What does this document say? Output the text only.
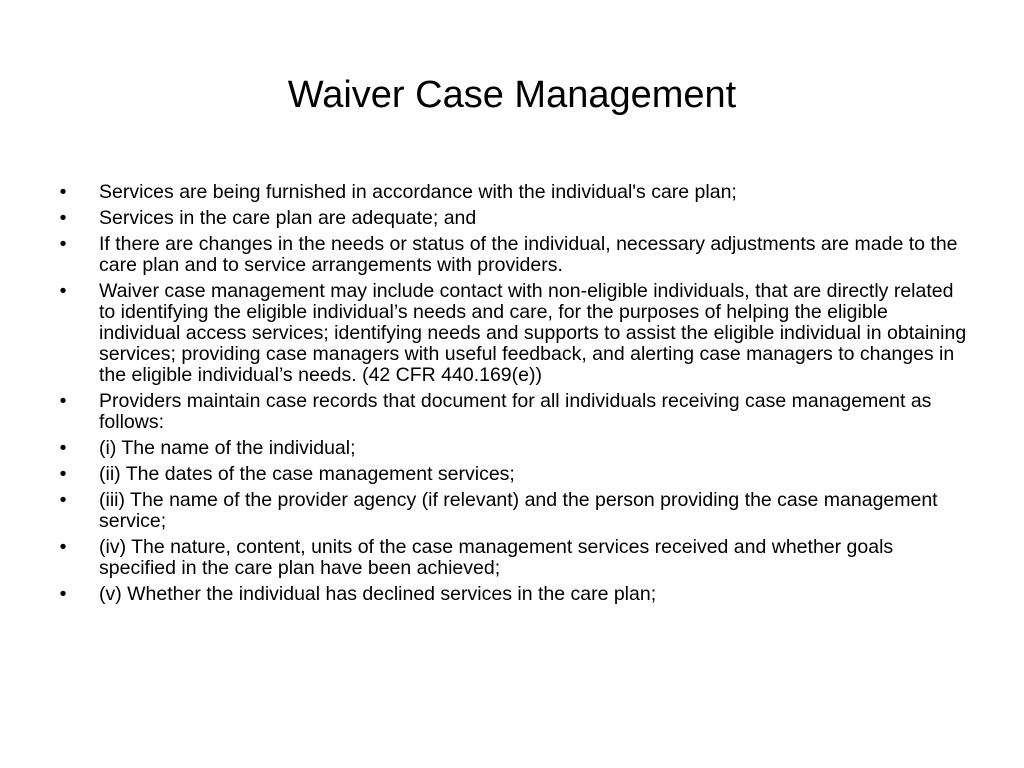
Waiver Case Management
• Services are being furnished in accordance with the individual's care plan;
• Services in the care plan are adequate; and
• If there are changes in the needs or status of the individual, necessary adjustments are made to the care plan and to service arrangements with providers.
• Waiver case management may include contact with non-eligible individuals, that are directly related to identifying the eligible individual’s needs and care, for the purposes of helping the eligible individual access services; identifying needs and supports to assist the eligible individual in obtaining services; providing case managers with useful feedback, and alerting case managers to changes in the eligible individual’s needs. (42 CFR 440.169(e))
• Providers maintain case records that document for all individuals receiving case management as follows:
• (i) The name of the individual;
• (ii) The dates of the case management services;
• (iii) The name of the provider agency (if relevant) and the person providing the case management service;
• (iv) The nature, content, units of the case management services received and whether goals specified in the care plan have been achieved;
• (v) Whether the individual has declined services in the care plan;
